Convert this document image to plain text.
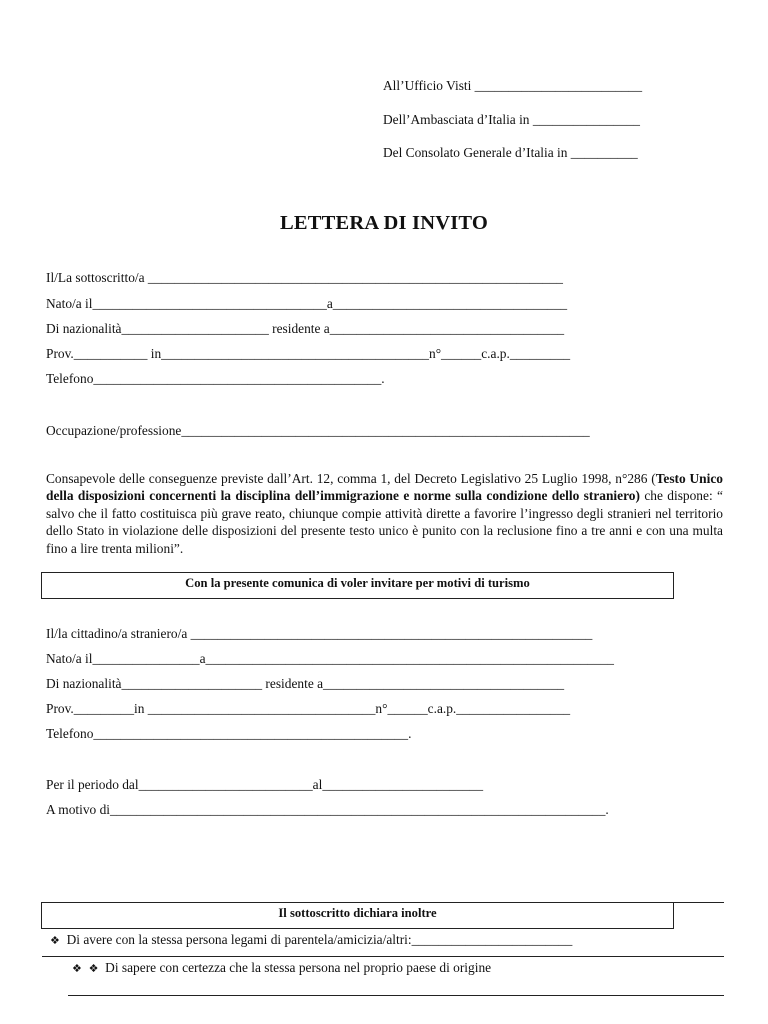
All’Ufficio Visti _________________________
Dell’Ambasciata d’Italia in ________________
Del Consolato Generale d’Italia in __________
LETTERA DI INVITO
Il/La sottoscritto/a ______________________________________________________________
Nato/a il___________________________________a___________________________________
Di nazionalità______________________ residente a___________________________________
Prov.___________ in________________________________________n°______c.a.p._________
Telefono___________________________________________.
Occupazione/professione_____________________________________________________________
Consapevole delle conseguenze previste dall’Art. 12, comma 1, del Decreto Legislativo 25 Luglio 1998, n°286 (Testo Unico della disposizioni concernenti la disciplina dell’immigrazione e norme sulla condizione dello straniero) che dispone: “ salvo che il fatto costituisca più grave reato, chiunque compie attività dirette a favorire l’ingresso degli stranieri nel territorio dello Stato in violazione delle disposizioni del presente testo unico è punito con la reclusione fino a tre anni e con una multa fino a lire trenta milioni”.
Con la presente comunica di voler invitare per motivi di turismo
Il/la cittadino/a straniero/a ____________________________________________________________
Nato/a il________________a_____________________________________________________________
Di nazionalità_____________________ residente a____________________________________
Prov._________in __________________________________n°______c.a.p._________________
Telefono_______________________________________________.
Per il periodo dal__________________________al________________________
A motivo di__________________________________________________________________________.
Il sottoscritto dichiara inoltre
❖ Di avere con la stessa persona legami di parentela/amicizia/altri:________________________
❖ ❖ Di sapere con certezza che la stessa persona nel proprio paese di origine
